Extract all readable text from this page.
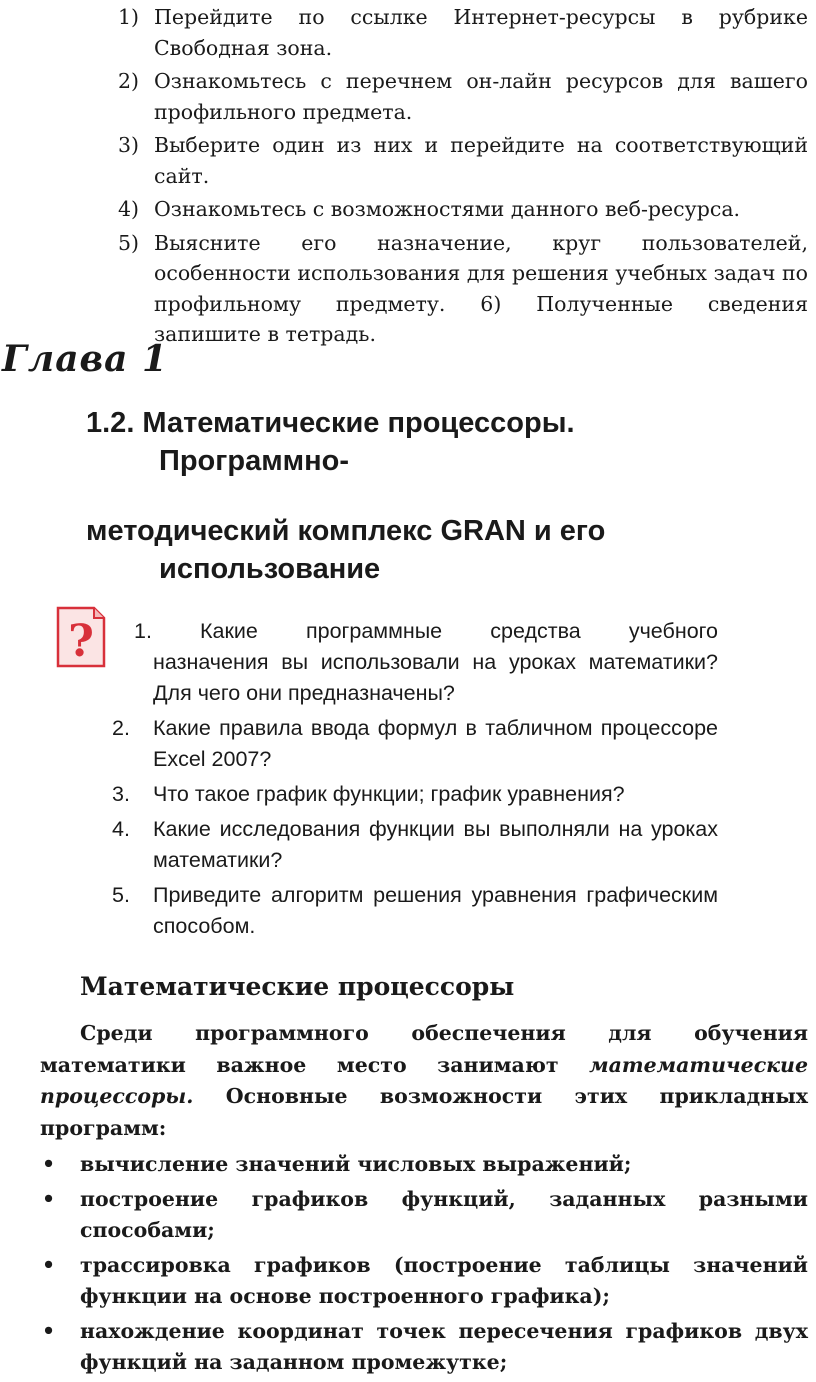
1) Перейдите по ссылке Интернет-ресурсы в рубрике Свободная зона.
2) Ознакомьтесь с перечнем он-лайн ресурсов для вашего профильного предмета.
3) Выберите один из них и перейдите на соответствующий сайт.
4) Ознакомьтесь с возможностями данного веб-ресурса.
5) Выясните его назначение, круг пользователей, особенности использования для решения учебных задач по профильному предмету. 6) Полученные сведения запишите в тетрадь.
Глава 1
1.2. Математические процессоры.
Программно-
методический комплекс GRAN и его
использование
?	1.	Какие программные средства учебного
назначения вы использовали на уроках математики? Для чего они предназначены?
2.	Какие правила ввода формул в табличном процессоре Excel 2007?
3.	Что такое график функции; график уравнения?
4.	Какие исследования функции вы выполняли на уроках математики?
5.	Приведите алгоритм решения уравнения графическим способом.
Математические процессоры

Среди программного обеспечения для обучения математики важное место занимают математические процессоры. Основные возможности этих прикладных программ:

•	вычисление значений числовых выражений;
•	построение графиков функций, заданных разными способами;
•	трассировка графиков (построение таблицы значений функции на основе построенного графика);
•	нахождение координат точек пересечения графиков двух функций на заданном промежутке;
